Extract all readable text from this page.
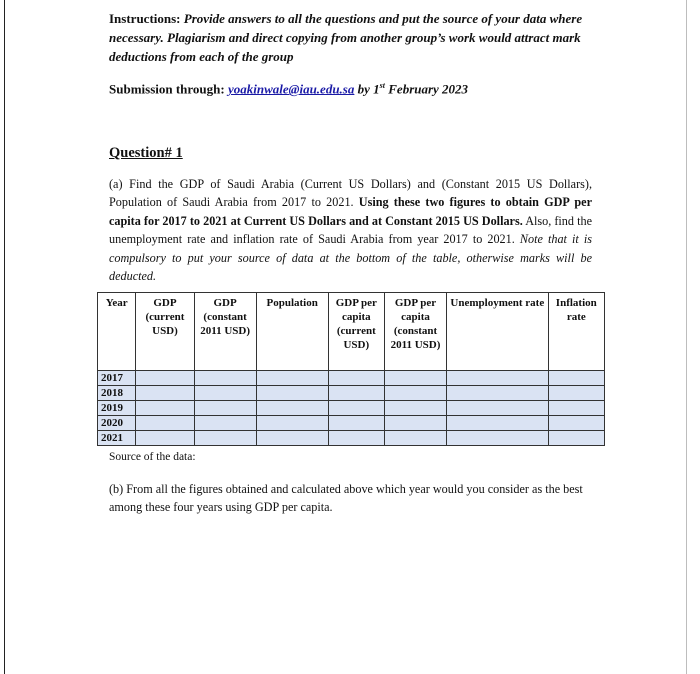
Instructions: Provide answers to all the questions and put the source of your data where necessary. Plagiarism and direct copying from another group’s work would attract mark deductions from each of the group
Submission through: yoakinwale@iau.edu.sa by 1st February 2023
Question# 1
(a) Find the GDP of Saudi Arabia (Current US Dollars) and (Constant 2015 US Dollars), Population of Saudi Arabia from 2017 to 2021. Using these two figures to obtain GDP per capita for 2017 to 2021 at Current US Dollars and at Constant 2015 US Dollars. Also, find the unemployment rate and inflation rate of Saudi Arabia from year 2017 to 2021. Note that it is compulsory to put your source of data at the bottom of the table, otherwise marks will be deducted.
Year	GDP (current USD)	GDP (constant 2011 USD)	Population	GDP per capita (current USD)	GDP per capita (constant 2011 USD)	Unemployment rate	Inflation rate
2017							
2018							
2019							
2020							
2021							
Source of the data:
(b) From all the figures obtained and calculated above which year would you consider as the best among these four years using GDP per capita.
